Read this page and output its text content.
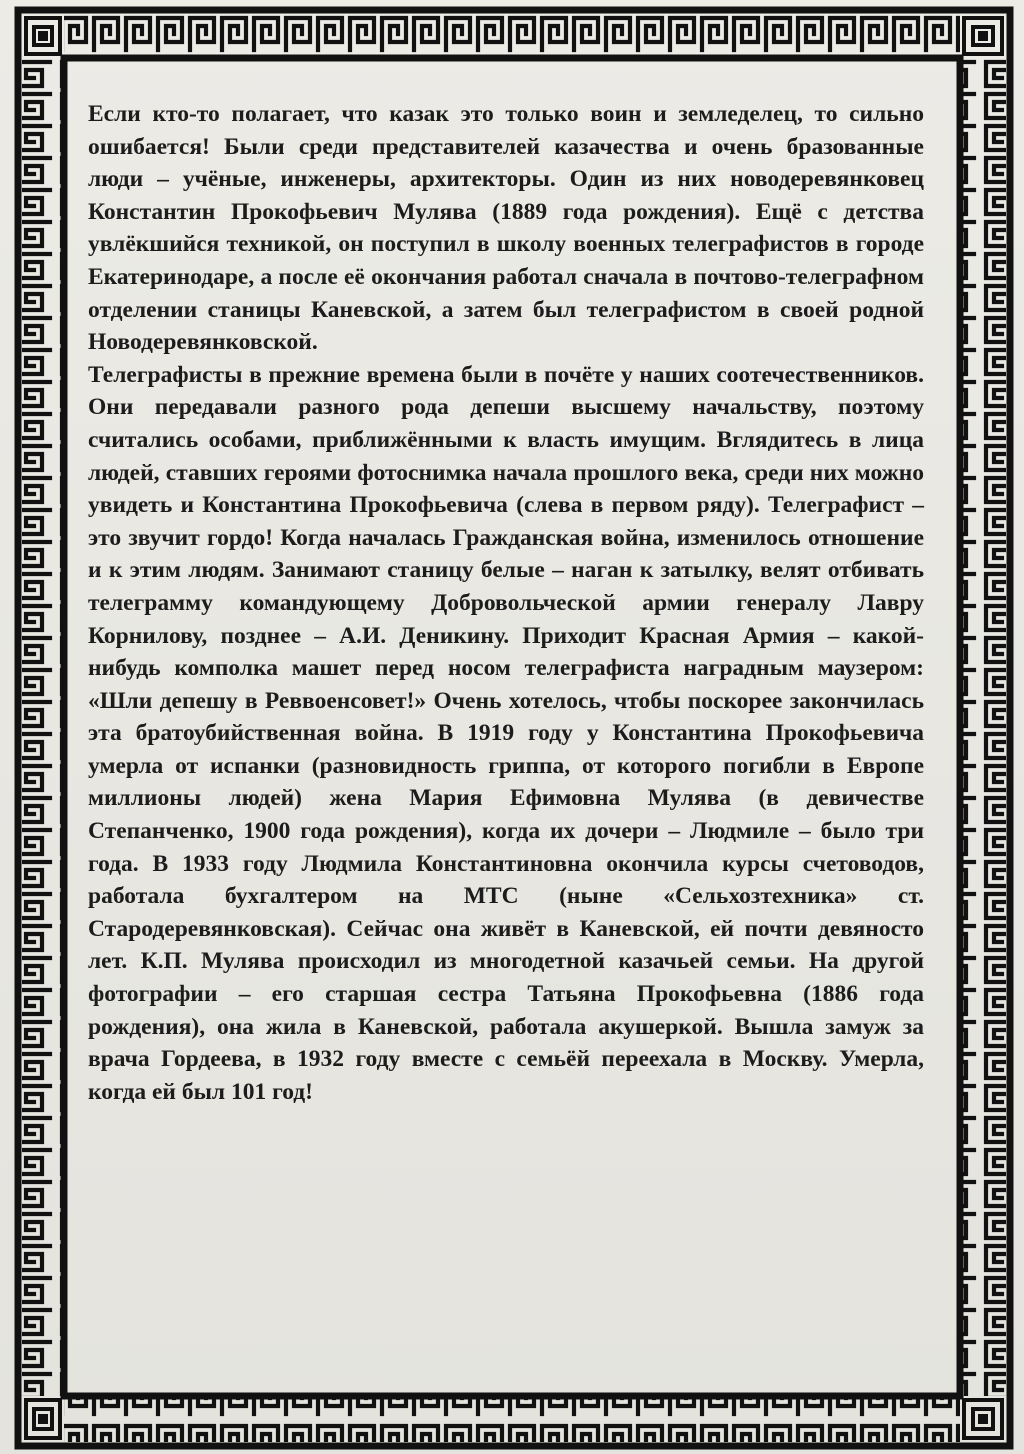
Если кто-то полагает, что казак это только воин и земледелец, то сильно ошибается! Были среди представителей казачества и очень бразованные люди – учёные, инженеры, архитекторы. Один из них новодеревянковец Константин Прокофьевич Мулява (1889 года рождения). Ещё с детства увлёкшийся техникой, он поступил в школу военных телеграфистов в городе Екатеринодаре, а после её окончания работал сначала в почтово-телеграфном отделении станицы Каневской, а затем был телеграфистом в своей родной Новодеревянковской.

Телеграфисты в прежние времена были в почёте у наших соотечественников. Они передавали разного рода депеши высшему начальству, поэтому считались особами, приближёнными к власть имущим. Вглядитесь в лица людей, ставших героями фотоснимка начала прошлого века, среди них можно увидеть и Константина Прокофьевича (слева в первом ряду). Телеграфист – это звучит гордо! Когда началась Гражданская война, изменилось отношение и к этим людям. Занимают станицу белые – наган к затылку, велят отбивать телеграмму командующему Добровольческой армии генералу Лавру Корнилову, позднее – А.И. Деникину. Приходит Красная Армия – какой-нибудь комполка машет перед носом телеграфиста наградным маузером: «Шли депешу в Реввоенсовет!» Очень хотелось, чтобы поскорее закончилась эта братоубийственная война. В 1919 году у Константина Прокофьевича умерла от испанки (разновидность гриппа, от которого погибли в Европе миллионы людей) жена Мария Ефимовна Мулява (в девичестве Степанченко, 1900 года рождения), когда их дочери – Людмиле – было три года. В 1933 году Людмила Константиновна окончила курсы счетоводов, работала бухгалтером на МТС (ныне «Сельхозтехника» ст. Стародеревянковская). Сейчас она живёт в Каневской, ей почти девяносто лет. К.П. Мулява происходил из многодетной казачьей семьи. На другой фотографии – его старшая сестра Татьяна Прокофьевна (1886 года рождения), она жила в Каневской, работала акушеркой. Вышла замуж за врача Гордеева, в 1932 году вместе с семьёй переехала в Москву. Умерла, когда ей был 101 год!
